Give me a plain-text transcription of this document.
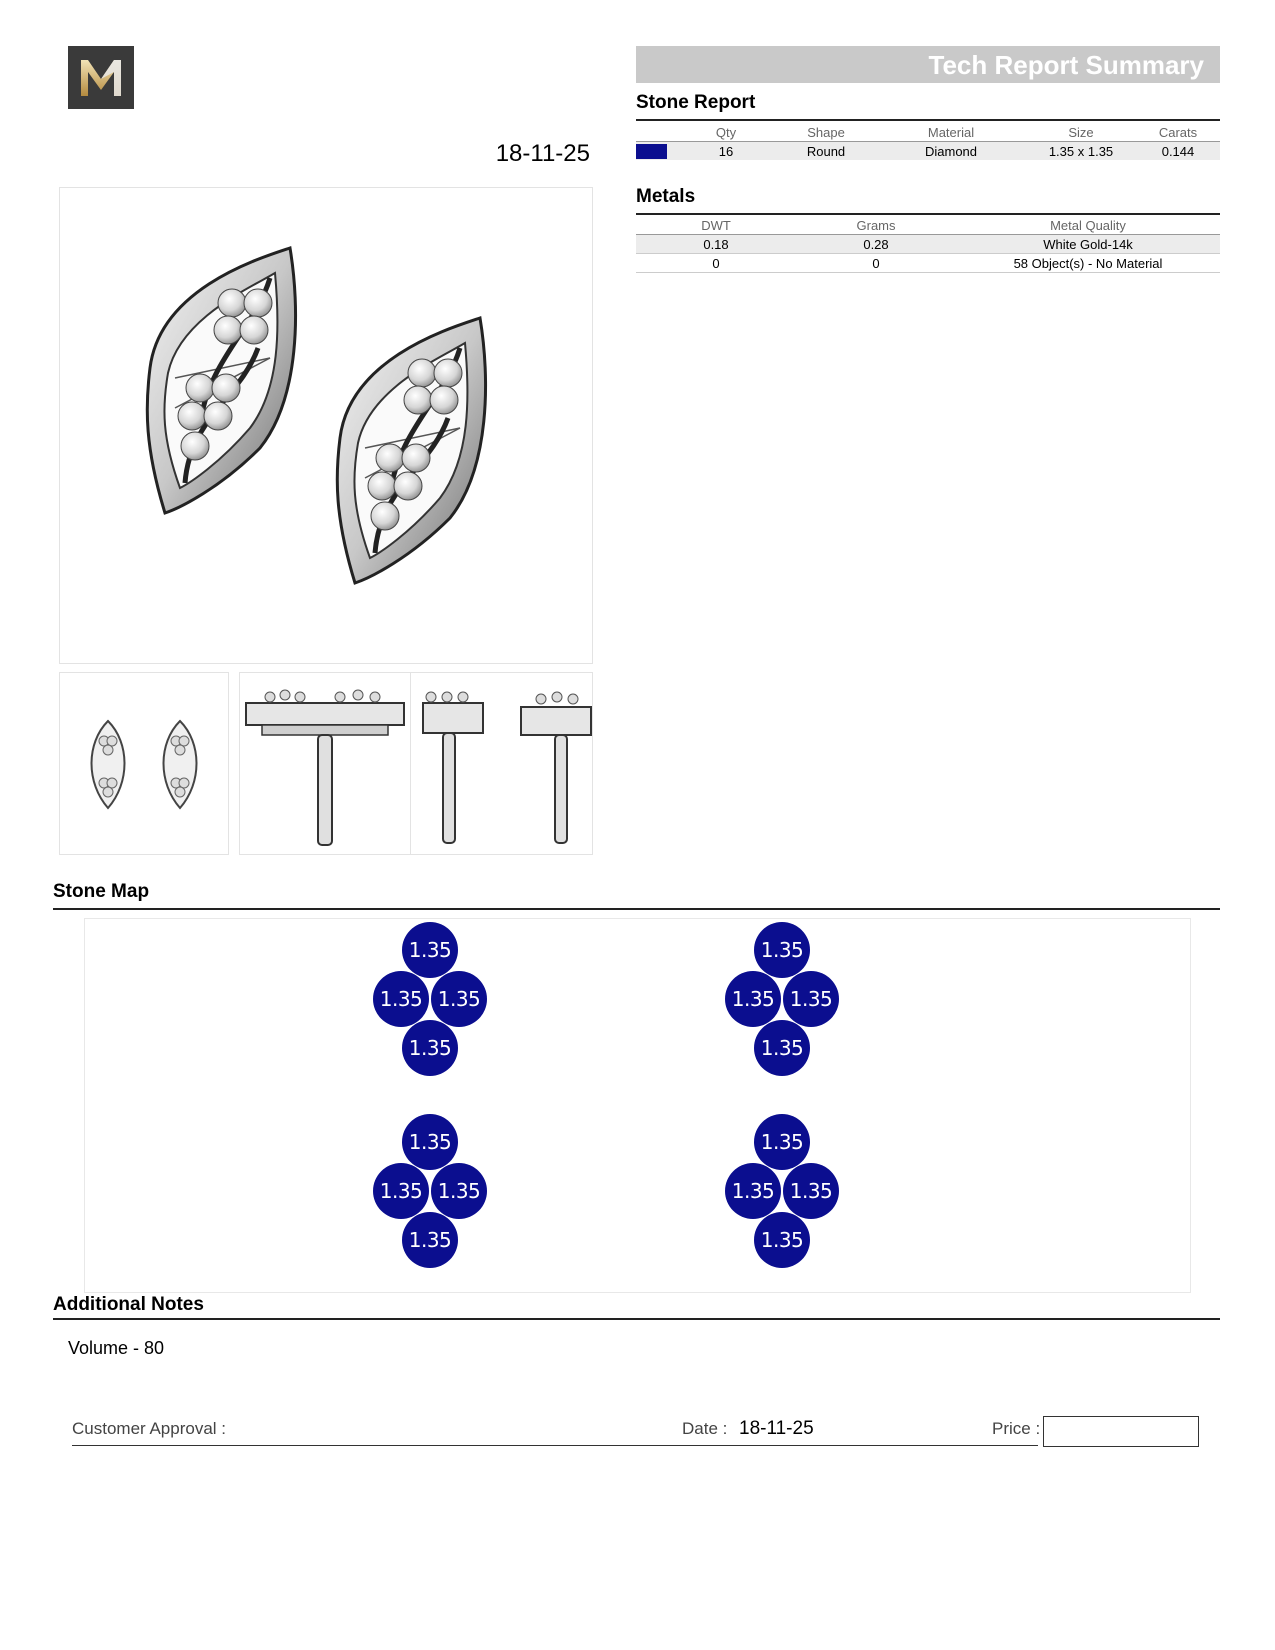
18-11-25
Tech Report Summary
Stone Report
	Qty	Shape	Material	Size	Carats

	16	Round	Diamond	1.35 x 1.35	0.144
Metals
DWT	Grams	Metal Quality
0.18	0.28	White Gold-14k
0	0	58 Object(s) - No Material
Stone Map
1.35
1.35 1.35
1.35
1.35
1.35 1.35
1.35
1.35
1.35 1.35
1.35
1.35
1.35 1.35
1.35
Additional Notes
Volume - 80
Customer Approval :	Date : 18-11-25	Price :
